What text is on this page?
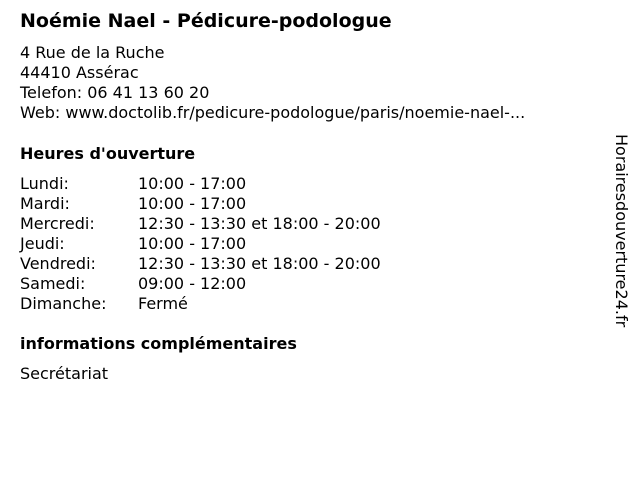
Noémie Nael - Pédicure-podologue
4 Rue de la Ruche
44410 Assérac
Telefon: 06 41 13 60 20
Web: www.doctolib.fr/pedicure-podologue/paris/noemie-nael-...
Heures d'ouverture
Lundi:	10:00 - 17:00
Mardi:	10:00 - 17:00
Mercredi:	12:30 - 13:30 et 18:00 - 20:00
Jeudi:	10:00 - 17:00
Vendredi:	12:30 - 13:30 et 18:00 - 20:00
Samedi:	09:00 - 12:00
Dimanche:	Fermé
informations complémentaires
Secrétariat
Horairesdouverture24.fr
